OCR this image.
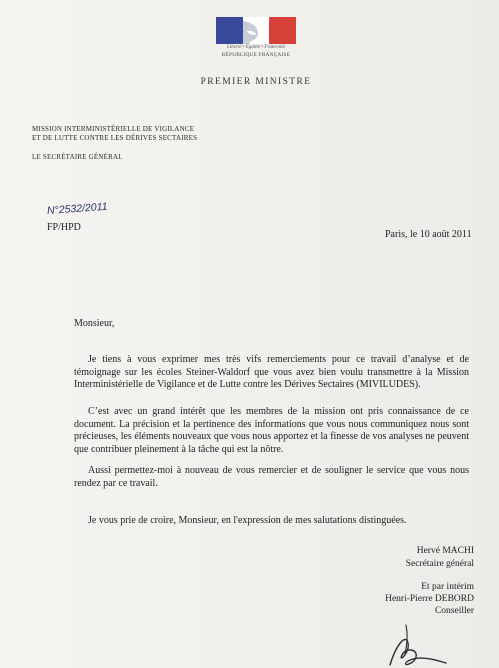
Liberté • Égalité • Fraternité
RÉPUBLIQUE FRANÇAISE
PREMIER MINISTRE
MISSION INTERMINISTÉRIELLE DE VIGILANCE
ET DE LUTTE CONTRE LES DÉRIVES SECTAIRES
LE SECRÉTAIRE GÉNÉRAL
N°2532/2011
FP/HPD
Paris, le 10 août 2011
Monsieur,
Je tiens à vous exprimer mes très vifs remerciements pour ce travail d’analyse et de témoignage sur les écoles Steiner-Waldorf que vous avez bien voulu transmettre à la Mission Interministérielle de Vigilance et de Lutte contre les Dérives Sectaires (MIVILUDES).
C’est avec un grand intérêt que les membres de la mission ont pris connaissance de ce document. La précision et la pertinence des informations que vous nous communiquez nous sont précieuses, les éléments nouveaux que vous nous apportez et la finesse de vos analyses ne peuvent que contribuer pleinement à la tâche qui est la nôtre.
Aussi permettez-moi à nouveau de vous remercier et de souligner le service que vous nous rendez par ce travail.
Je vous prie de croire, Monsieur, en l'expression de mes salutations distinguées.
Hervé MACHI
Secrétaire général
Et par intérim
Henri-Pierre DEBORD
Conseiller
